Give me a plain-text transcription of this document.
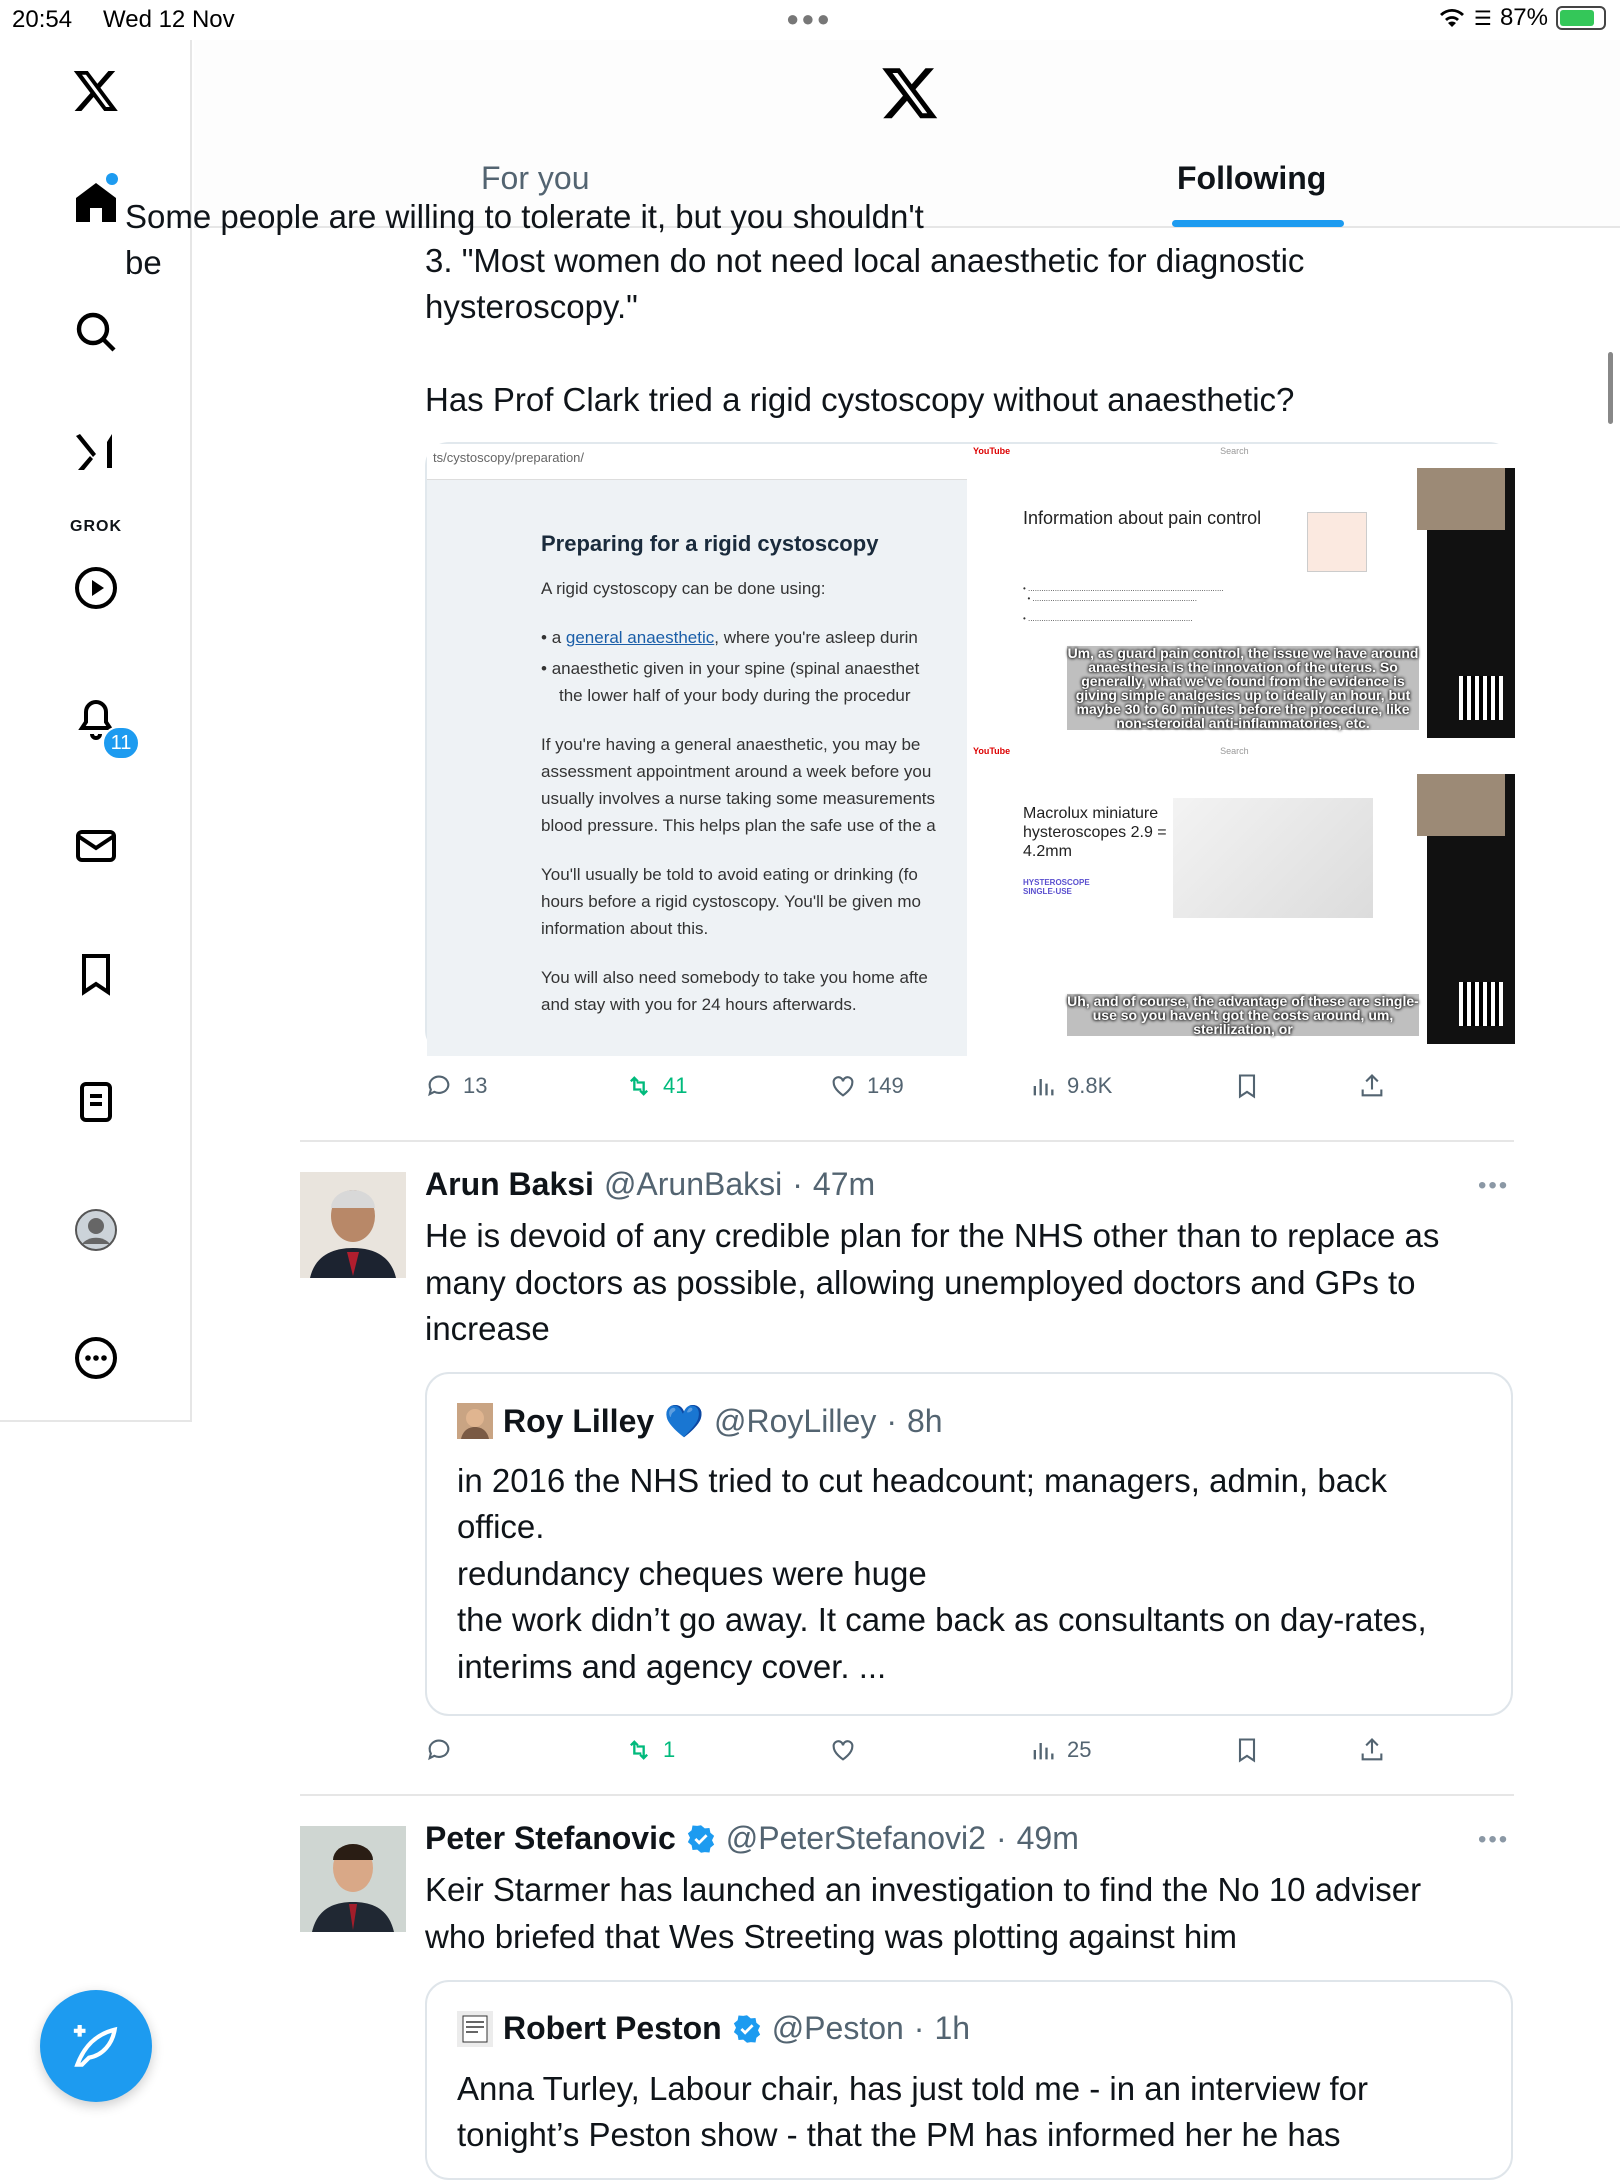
20:54 Wed 12 Nov	●●●	☰ 87%
GROK
11
For you	Following
Some people are willing to tolerate it, but you shouldn't be	3. "Most women do not need local anaesthetic for diagnostic
hysteroscopy."
Has Prof Clark tried a rigid cystoscopy without anaesthetic?
ts/cystoscopy/preparation/
Preparing for a rigid cystoscopy

A rigid cystoscopy can be done using:

• a general anaesthetic, where you're asleep durin
• anaesthetic given in your spine (spinal anaesthet
the lower half of your body during the procedur
If you're having a general anaesthetic, you may be
assessment appointment around a week before you
usually involves a nurse taking some measurements
blood pressure. This helps plan the safe use of the a
You'll usually be told to avoid eating or drinking (fo
hours before a rigid cystoscopy. You'll be given mo
information about this.
You will also need somebody to take you home afte
and stay with you for 24 hours afterwards.
YouTube	Search
Information about pain control
• ........................................................................................
• ..........................................................................

• ..........................................................................
Um, as guard pain control, the issue we have around anaesthesia is the innovation of the uterus. So generally, what we've found from the evidence is giving simple analgesics up to ideally an hour, but maybe 30 to 60 minutes before the procedure, like non-steroidal anti-inflammatories, etc.
YouTube	Search
Macrolux miniature hysteroscopes 2.9 = 4.2mm
HYSTEROSCOPE SINGLE-USE
Uh, and of course, the advantage of these are single-use so you haven't got the costs around, um, sterilization, or
13	41	149	9.8K
Arun Baksi @ArunBaksi · 47m	•••
He is devoid of any credible plan for the NHS other than to replace as
many doctors as possible, allowing unemployed doctors and GPs to
increase
Roy Lilley 💙 @RoyLilley · 8h
in 2016 the NHS tried to cut headcount; managers, admin, back
office.
redundancy cheques were huge
the work didn’t go away. It came back as consultants on day-rates,
interims and agency cover. ...
1	25
Peter Stefanovic @PeterStefanovi2 · 49m	•••
Keir Starmer has launched an investigation to find the No 10 adviser
who briefed that Wes Streeting was plotting against him
Robert Peston @Peston · 1h
Anna Turley, Labour chair, has just told me - in an interview for
tonight’s Peston show - that the PM has informed her he has
